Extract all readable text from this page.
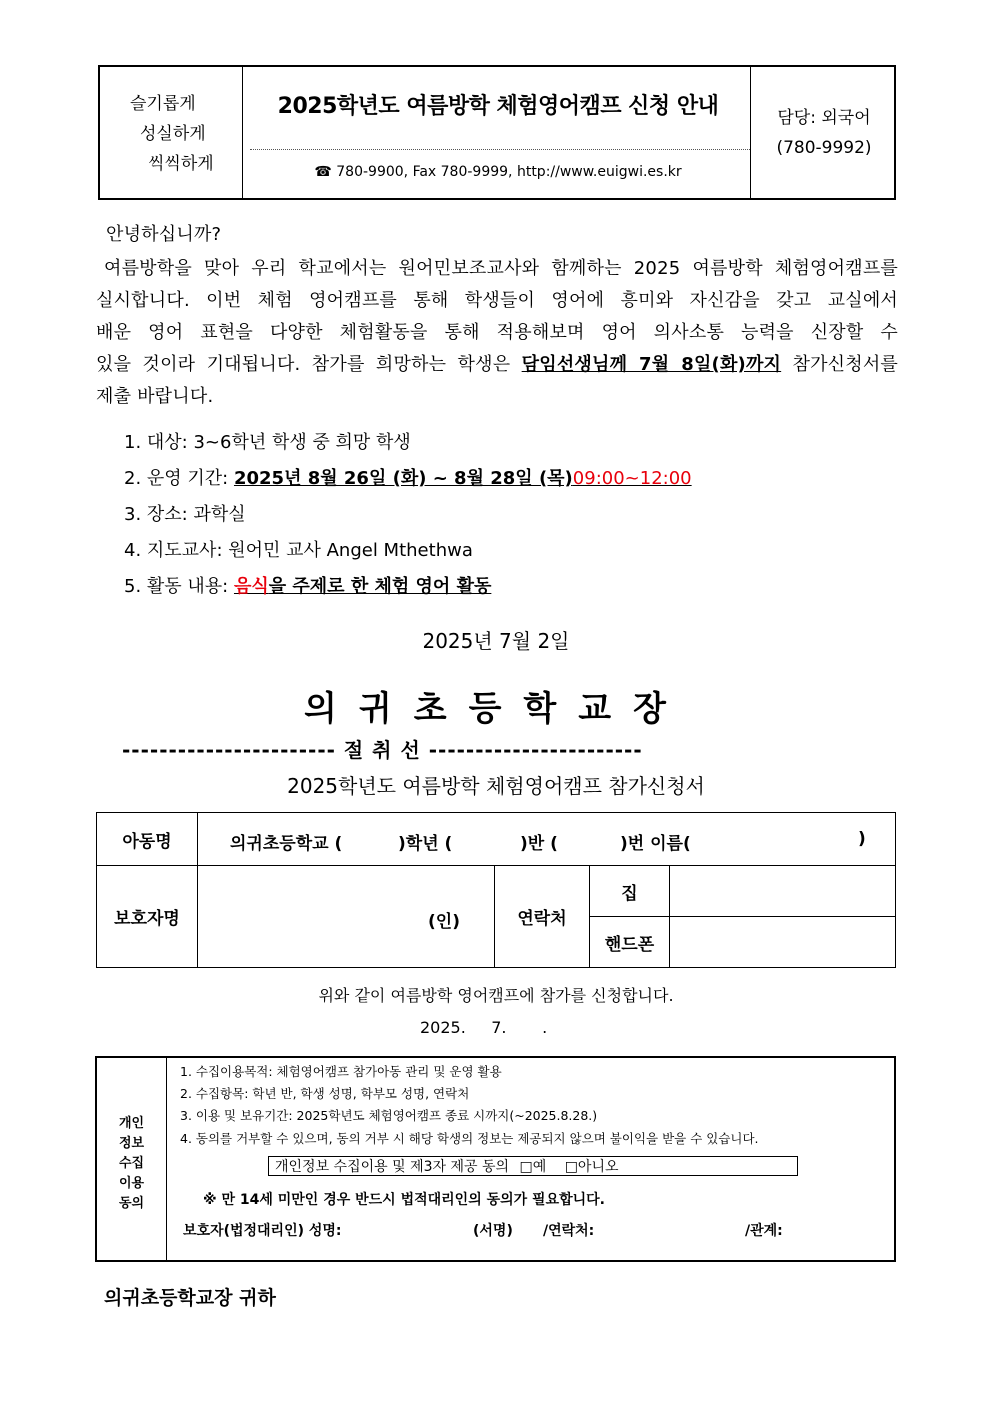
슬기롭게
성실하게
씩씩하게
2025학년도 여름방학 체험영어캠프 신청 안내
☎ 780-9900, Fax 780-9999, http://www.euigwi.es.kr
담당: 외국어
(780-9992)
안녕하십니까?
여름방학을 맞아 우리 학교에서는 원어민보조교사와 함께하는 2025 여름방학 체험영어캠프를
실시합니다. 이번 체험 영어캠프를 통해 학생들이 영어에 흥미와 자신감을 갖고 교실에서
배운 영어 표현을 다양한 체험활동을 통해 적용해보며 영어 의사소통 능력을 신장할 수
있을 것이라 기대됩니다. 참가를 희망하는 학생은 담임선생님께 7월 8일(화)까지 참가신청서를
제출 바랍니다.
1. 대상: 3~6학년 학생 중 희망 학생
2. 운영 기간: 2025년 8월 26일 (화) ~ 8월 28일 (목)09:00~12:00
3. 장소: 과학실
4. 지도교사: 원어민 교사 Angel Mthethwa
5. 활동 내용: 음식을 주제로 한 체험 영어 활동
2025년 7월 2일
의귀초등학교장
----------------------- 절 취 선 -----------------------
2025학년도 여름방학 체험영어캠프 참가신청서
아동명	의귀초등학교 ( )학년 ( )반 ( )번 이름( )			

보호자명	(인)	연락처	집	
			핸드폰	
위와 같이 여름방학 영어캠프에 참가를 신청합니다.
2025.     7.       .
개인
정보
수집
이용
동의
1. 수집이용목적: 체험영어캠프 참가아동 관리 및 운영 활용
2. 수집항목: 학년 반, 학생 성명, 학부모 성명, 연락처
3. 이용 및 보유기간: 2025학년도 체험영어캠프 종료 시까지(~2025.8.28.)
4. 동의를 거부할 수 있으며, 동의 거부 시 해당 학생의 정보는 제공되지 않으며 불이익을 받을 수 있습니다.
개인정보 수집이용 및 제3자 제공 동의 □예 □아니오
※ 만 14세 미만인 경우 반드시 법적대리인의 동의가 필요합니다.
보호자(법정대리인) 성명:	(서명) /연락처:	/관계:
의귀초등학교장 귀하
